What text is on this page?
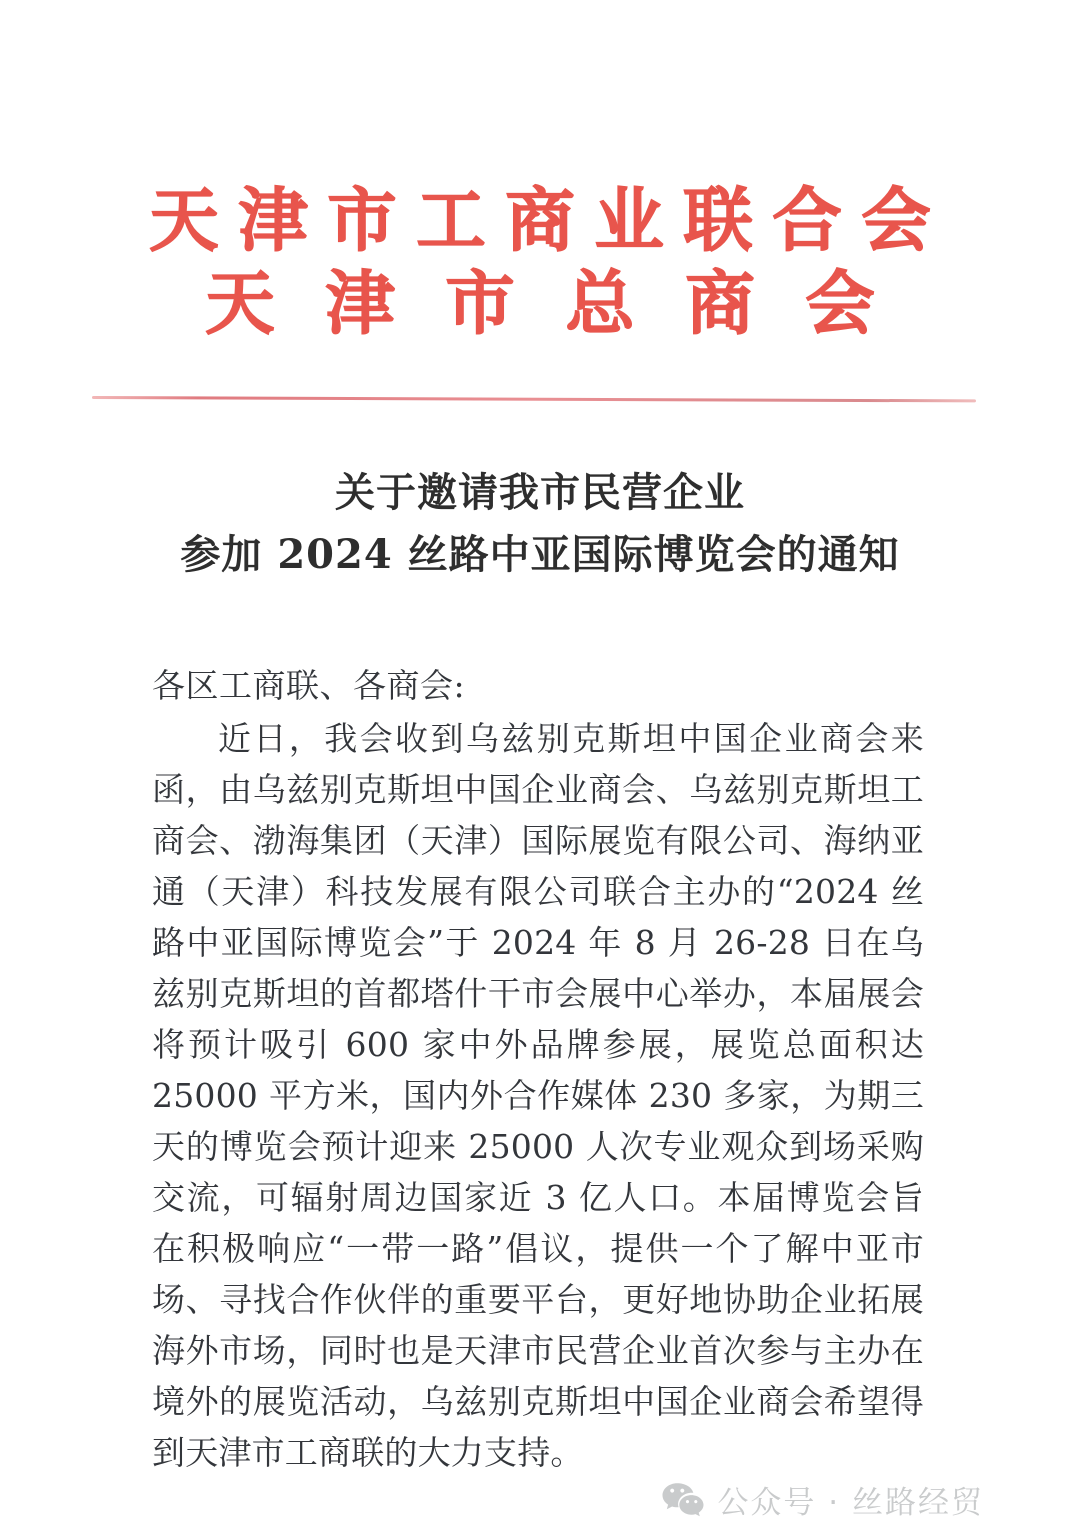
天津市工商业联合会
天津市总商会
关于邀请我市民营企业
参加 2024 丝路中亚国际博览会的通知
各区工商联、各商会:

近日，我会收到乌兹别克斯坦中国企业商会来函，由乌兹别克斯坦中国企业商会、乌兹别克斯坦工商会、渤海集团（天津）国际展览有限公司、海纳亚通（天津）科技发展有限公司联合主办的“2024 丝路中亚国际博览会”于 2024 年 8 月 26-28 日在乌兹别克斯坦的首都塔什干市会展中心举办，本届展会将预计吸引 600 家中外品牌参展，展览总面积达 25000 平方米，国内外合作媒体 230 多家，为期三天的博览会预计迎来 25000 人次专业观众到场采购交流，可辐射周边国家近 3 亿人口。本届博览会旨在积极响应“一带一路”倡议，提供一个了解中亚市场、寻找合作伙伴的重要平台，更好地协助企业拓展海外市场，同时也是天津市民营企业首次参与主办在境外的展览活动，乌兹别克斯坦中国企业商会希望得到天津市工商联的大力支持。

公众号 · 丝路经贸
